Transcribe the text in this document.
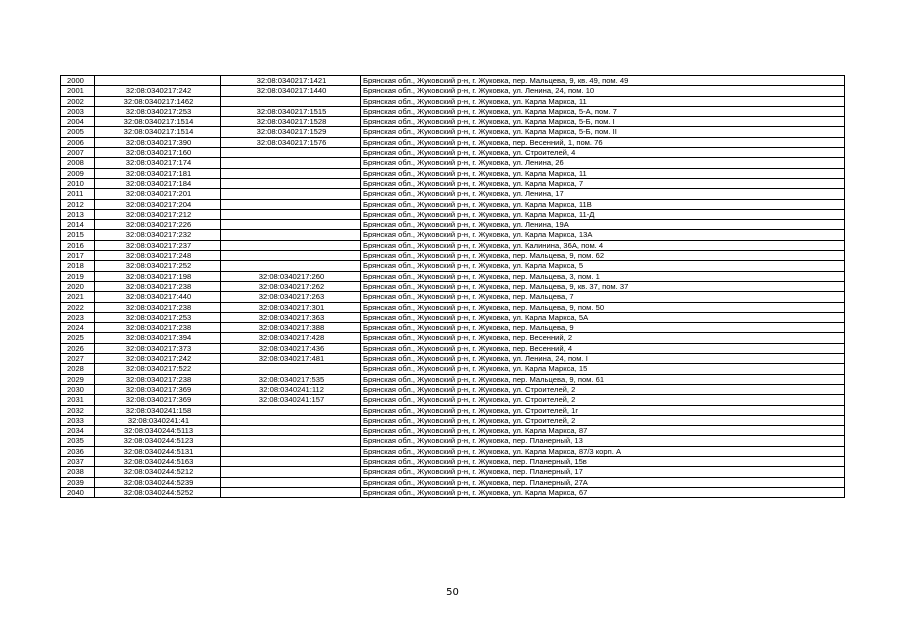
2000		32:08:0340217:1421	Брянская обл., Жуковский р-н, г. Жуковка, пер. Мальцева, 9, кв. 49, пом. 49
2001	32:08:0340217:242	32:08:0340217:1440	Брянская обл., Жуковский р-н, г. Жуковка, ул. Ленина, 24, пом. 10
2002	32:08:0340217:1462		Брянская обл., Жуковский р-н, г. Жуковка, ул. Карла Маркса, 11
2003	32:08:0340217:253	32:08:0340217:1515	Брянская обл., Жуковский р-н, г. Жуковка, ул. Карла Маркса, 5-А, пом. 7
2004	32:08:0340217:1514	32:08:0340217:1528	Брянская обл., Жуковский р-н, г. Жуковка, ул. Карла Маркса, 5-Б, пом. I
2005	32:08:0340217:1514	32:08:0340217:1529	Брянская обл., Жуковский р-н, г. Жуковка, ул. Карла Маркса, 5-Б, пом. II
2006	32:08:0340217:390	32:08:0340217:1576	Брянская обл., Жуковский р-н, г. Жуковка, пер. Весенний, 1, пом. 76
2007	32:08:0340217:160		Брянская обл., Жуковский р-н, г. Жуковка, ул. Строителей, 4
2008	32:08:0340217:174		Брянская обл., Жуковский р-н, г. Жуковка, ул. Ленина, 26
2009	32:08:0340217:181		Брянская обл., Жуковский р-н, г. Жуковка, ул. Карла Маркса, 11
2010	32:08:0340217:184		Брянская обл., Жуковский р-н, г. Жуковка, ул. Карла Маркса, 7
2011	32:08:0340217:201		Брянская обл., Жуковский р-н, г. Жуковка, ул. Ленина, 17
2012	32:08:0340217:204		Брянская обл., Жуковский р-н, г. Жуковка, ул. Карла Маркса, 11В
2013	32:08:0340217:212		Брянская обл., Жуковский р-н, г. Жуковка, ул. Карла Маркса, 11-Д
2014	32:08:0340217:226		Брянская обл., Жуковский р-н, г. Жуковка, ул. Ленина, 19А
2015	32:08:0340217:232		Брянская обл., Жуковский р-н, г. Жуковка, ул. Карла Маркса, 13А
2016	32:08:0340217:237		Брянская обл., Жуковский р-н, г. Жуковка, ул. Калинина, 36А, пом. 4
2017	32:08:0340217:248		Брянская обл., Жуковский р-н, г. Жуковка, пер. Мальцева, 9, пом. 62
2018	32:08:0340217:252		Брянская обл., Жуковский р-н, г. Жуковка, ул. Карла Маркса, 5
2019	32:08:0340217:198	32:08:0340217:260	Брянская обл., Жуковский р-н, г. Жуковка, пер. Мальцева, 3, пом. 1
2020	32:08:0340217:238	32:08:0340217:262	Брянская обл., Жуковский р-н, г. Жуковка, пер. Мальцева, 9, кв. 37, пом. 37
2021	32:08:0340217:440	32:08:0340217:263	Брянская обл., Жуковский р-н, г. Жуковка, пер. Мальцева, 7
2022	32:08:0340217:238	32:08:0340217:301	Брянская обл., Жуковский р-н, г. Жуковка, пер. Мальцева, 9, пом. 50
2023	32:08:0340217:253	32:08:0340217:363	Брянская обл., Жуковский р-н, г. Жуковка, ул. Карла Маркса, 5А
2024	32:08:0340217:238	32:08:0340217:388	Брянская обл., Жуковский р-н, г. Жуковка, пер. Мальцева, 9
2025	32:08:0340217:394	32:08:0340217:428	Брянская обл., Жуковский р-н, г. Жуковка, пер. Весенний, 2
2026	32:08:0340217:373	32:08:0340217:436	Брянская обл., Жуковский р-н, г. Жуковка, пер. Весенний, 4
2027	32:08:0340217:242	32:08:0340217:481	Брянская обл., Жуковский р-н, г. Жуковка, ул. Ленина, 24, пом. I
2028	32:08:0340217:522		Брянская обл., Жуковский р-н, г. Жуковка, ул. Карла Маркса, 15
2029	32:08:0340217:238	32:08:0340217:535	Брянская обл., Жуковский р-н, г. Жуковка, пер. Мальцева, 9, пом. 61
2030	32:08:0340217:369	32:08:0340241:112	Брянская обл., Жуковский р-н, г. Жуковка, ул. Строителей, 2
2031	32:08:0340217:369	32:08:0340241:157	Брянская обл., Жуковский р-н, г. Жуковка, ул. Строителей, 2
2032	32:08:0340241:158		Брянская обл., Жуковский р-н, г. Жуковка, ул. Строителей, 1г
2033	32:08:0340241:41		Брянская обл., Жуковский р-н, г. Жуковка, ул. Строителей, 2
2034	32:08:0340244:5113		Брянская обл., Жуковский р-н, г. Жуковка, ул. Карла Маркса, 87
2035	32:08:0340244:5123		Брянская обл., Жуковский р-н, г. Жуковка, пер. Планерный, 13
2036	32:08:0340244:5131		Брянская обл., Жуковский р-н, г. Жуковка, ул. Карла Маркса, 87/3 корп. А
2037	32:08:0340244:5163		Брянская обл., Жуковский р-н, г. Жуковка, пер. Планерный, 15в
2038	32:08:0340244:5212		Брянская обл., Жуковский р-н, г. Жуковка, пер. Планерный, 17
2039	32:08:0340244:5239		Брянская обл., Жуковский р-н, г. Жуковка, пер. Планерный, 27А
2040	32:08:0340244:5252		Брянская обл., Жуковский р-н, г. Жуковка, ул. Карла Маркса, 67
50
